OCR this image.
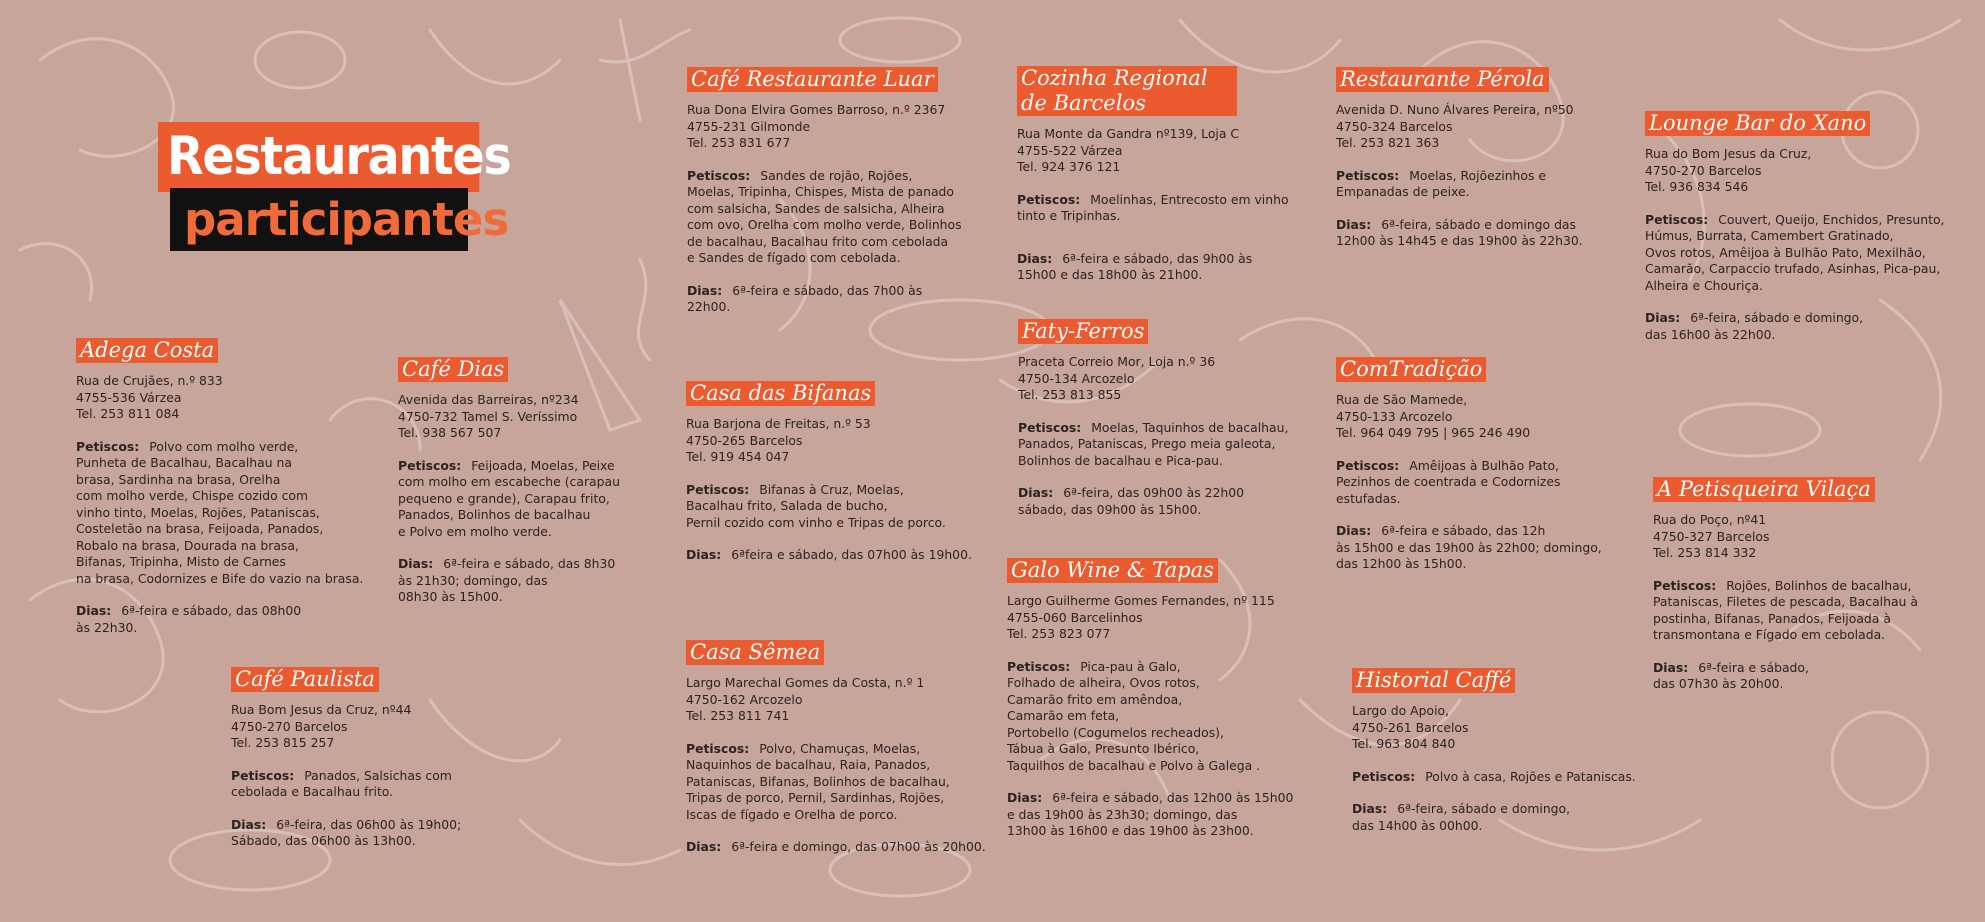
Restaurantes
participantes
Adega Costa

Rua de Crujães, n.º 833
4755-536 Várzea
Tel. 253 811 084

Petiscos: Polvo com molho verde,
Punheta de Bacalhau, Bacalhau na
brasa, Sardinha na brasa, Orelha
com molho verde, Chispe cozido com
vinho tinto, Moelas, Rojões, Pataniscas,
Costeletão na brasa, Feijoada, Panados,
Robalo na brasa, Dourada na brasa,
Bifanas, Tripinha, Misto de Carnes
na brasa, Codornizes e Bife do vazio na brasa.

Dias: 6ª-feira e sábado, das 08h00
às 22h30.

Café Dias

Avenida das Barreiras, nº234
4750-732 Tamel S. Veríssimo
Tel. 938 567 507

Petiscos: Feijoada, Moelas, Peixe
com molho em escabeche (carapau
pequeno e grande), Carapau frito,
Panados, Bolinhos de bacalhau
e Polvo em molho verde.

Dias: 6ª-feira e sábado, das 8h30
às 21h30; domingo, das
08h30 às 15h00.

Café Paulista

Rua Bom Jesus da Cruz, nº44
4750-270 Barcelos
Tel. 253 815 257

Petiscos: Panados, Salsichas com
cebolada e Bacalhau frito.

Dias: 6ª-feira, das 06h00 às 19h00;
Sábado, das 06h00 às 13h00.

Café Restaurante Luar

Rua Dona Elvira Gomes Barroso, n.º 2367
4755-231 Gilmonde
Tel. 253 831 677

Petiscos: Sandes de rojão, Rojões,
Moelas, Tripinha, Chispes, Mista de panado
com salsicha, Sandes de salsicha, Alheira
com ovo, Orelha com molho verde, Bolinhos
de bacalhau, Bacalhau frito com cebolada
e Sandes de fígado com cebolada.

Dias: 6ª-feira e sábado, das 7h00 às
22h00.

Casa das Bifanas

Rua Barjona de Freitas, n.º 53
4750-265 Barcelos
Tel. 919 454 047

Petiscos: Bifanas à Cruz, Moelas,
Bacalhau frito, Salada de bucho,
Pernil cozido com vinho e Tripas de porco.

Dias: 6ªfeira e sábado, das 07h00 às 19h00.

Casa Sêmea

Largo Marechal Gomes da Costa, n.º 1
4750-162 Arcozelo
Tel. 253 811 741

Petiscos: Polvo, Chamuças, Moelas,
Naquinhos de bacalhau, Raia, Panados,
Pataniscas, Bifanas, Bolinhos de bacalhau,
Tripas de porco, Pernil, Sardinhas, Rojões,
Iscas de fígado e Orelha de porco.

Dias: 6ª-feira e domingo, das 07h00 às 20h00.

Cozinha Regional de Barcelos

Rua Monte da Gandra nº139, Loja C
4755-522 Várzea
Tel. 924 376 121

Petiscos: Moelinhas, Entrecosto em vinho
tinto e Tripinhas.

Dias: 6ª-feira e sábado, das 9h00 às
15h00 e das 18h00 às 21h00.

Faty-Ferros

Praceta Correio Mor, Loja n.º 36
4750-134 Arcozelo
Tel. 253 813 855

Petiscos: Moelas, Taquinhos de bacalhau,
Panados, Pataniscas, Prego meia galeota,
Bolinhos de bacalhau e Pica-pau.

Dias: 6ª-feira, das 09h00 às 22h00
sábado, das 09h00 às 15h00.

Galo Wine & Tapas

Largo Guilherme Gomes Fernandes, nº 115
4755-060 Barcelinhos
Tel. 253 823 077

Petiscos: Pica-pau à Galo,
Folhado de alheira, Ovos rotos,
Camarão frito em amêndoa,
Camarão em feta,
Portobello (Cogumelos recheados),
Tábua à Galo, Presunto Ibérico,
Taquilhos de bacalhau e Polvo à Galega .

Dias: 6ª-feira e sábado, das 12h00 às 15h00
e das 19h00 às 23h30; domingo, das
13h00 às 16h00 e das 19h00 às 23h00.

Restaurante Pérola

Avenida D. Nuno Álvares Pereira, nº50
4750-324 Barcelos
Tel. 253 821 363

Petiscos: Moelas, Rojõezinhos e
Empanadas de peixe.

Dias: 6ª-feira, sábado e domingo das
12h00 às 14h45 e das 19h00 às 22h30.

ComTradição

Rua de São Mamede,
4750-133 Arcozelo
Tel. 964 049 795 | 965 246 490

Petiscos: Amêijoas à Bulhão Pato,
Pezinhos de coentrada e Codornizes
estufadas.

Dias: 6ª-feira e sábado, das 12h
às 15h00 e das 19h00 às 22h00; domingo,
das 12h00 às 15h00.

Historial Caffé

Largo do Apoio,
4750-261 Barcelos
Tel. 963 804 840

Petiscos: Polvo à casa, Rojões e Pataniscas.

Dias: 6ª-feira, sábado e domingo,
das 14h00 às 00h00.

Lounge Bar do Xano

Rua do Bom Jesus da Cruz,
4750-270 Barcelos
Tel. 936 834 546

Petiscos: Couvert, Queijo, Enchidos, Presunto,
Húmus, Burrata, Camembert Gratinado,
Ovos rotos, Amêijoa à Bulhão Pato, Mexilhão,
Camarão, Carpaccio trufado, Asinhas, Pica-pau,
Alheira e Chouriça.

Dias: 6ª-feira, sábado e domingo,
das 16h00 às 22h00.

A Petisqueira Vilaça

Rua do Poço, nº41
4750-327 Barcelos
Tel. 253 814 332

Petiscos: Rojões, Bolinhos de bacalhau,
Pataniscas, Filetes de pescada, Bacalhau à
postinha, Bifanas, Panados, Feijoada à
transmontana e Fígado em cebolada.

Dias: 6ª-feira e sábado,
das 07h30 às 20h00.
